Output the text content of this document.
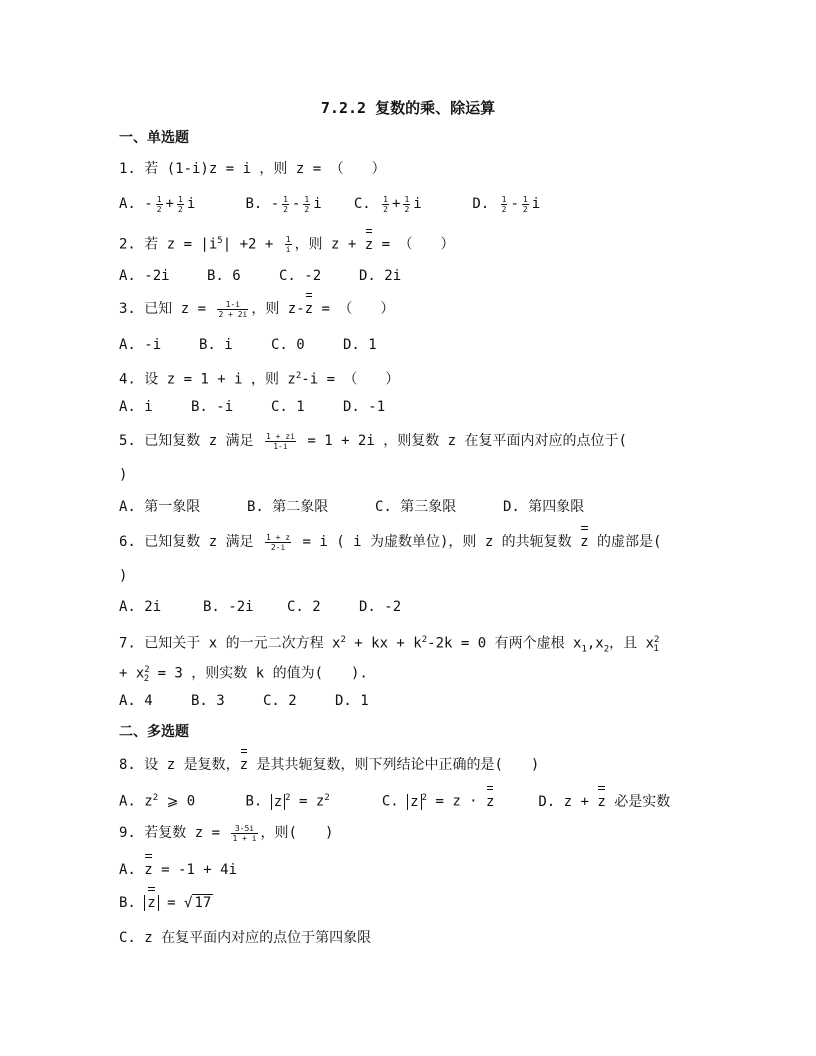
7.2.2 复数的乘、除运算
一、单选题
1. 若 (1-i)z = i ，则 z = （　　）
A. - $\frac{1}{2} + \frac{1}{2}$ i	B. - $\frac{1}{2} - \frac{1}{2}$ i C. $\frac{1}{2} + \frac{1}{2}$ i	D. $\frac{1}{2} - \frac{1}{2}$ i
2. 若 $z = |i^5| +2 + \frac{1}{i}$ ，则 z + z = （　　）
A. -2i	B. 6	C. -2	D. 2i
3. 已知 $z = \frac{1-i}{2 + 2i}$ ，则 z-z = （　　）
A. -i	B. i	C. 0	D. 1
4. 设 z = 1 + i ，则 $z^2-i$ = （　　）
A. i	B. -i	C. 1	D. -1
5. 已知复数 z 满足 $\frac{1 + zi}{1-i} = 1 + 2i$ ，则复数 z 在复平面内对应的点位于(
)
A. 第一象限	B. 第二象限	C. 第三象限	D. 第四象限
6. 已知复数 z 满足 $\frac{1 + z}{2-i} = i$ ( i 为虚数单位)，则 z 的共轭复数 z 的虚部是(
)
A. 2i	B. -2i C. 2	D. -2
7. 已知关于 x 的一元二次方程 $x^2$ + kx + $k^2-2k = 0$ 有两个虚根 $x_1,x_2$，且 $x^2_1$
+ $x^2_2 = 3$ ，则实数 k 的值为(　　).
A. 4	B. 3	C. 2	D. 1
二、多选题
8. 设 z 是复数，z 是其共轭复数，则下列结论中正确的是(　　)
A. $z^2$ ⩾ 0	B. z $^2 = z^2$	C. z $^2$ = z · z	D. z + z 必是实数
9. 若复数 $z = \frac{3-5i}{1 + i}$ ，则(　　)
A. z = -1 + 4i
B. z = √ 17
C. z 在复平面内对应的点位于第四象限
